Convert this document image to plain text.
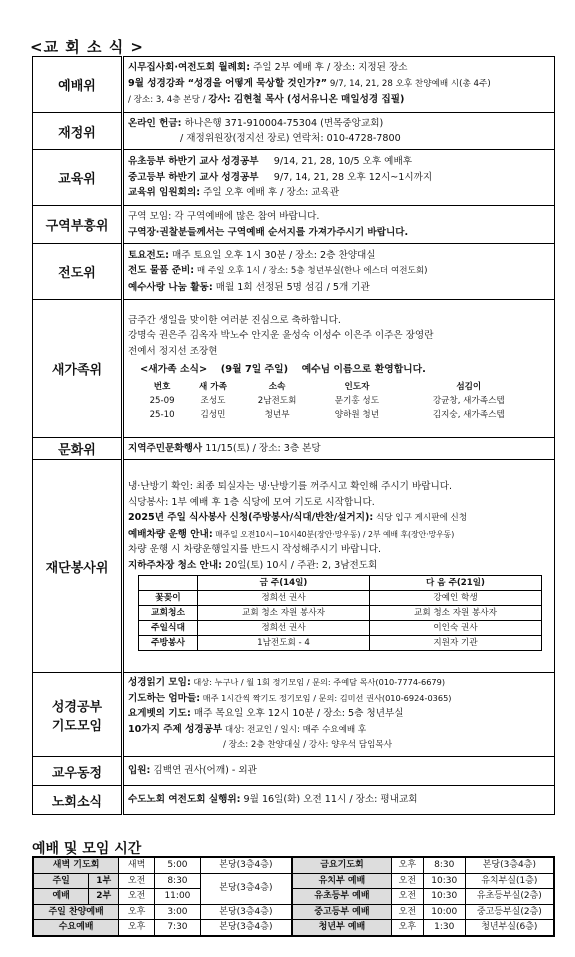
<교 회 소 식 >
예배위	
시무집사회·여전도회 월례회: 주일 2부 예배 후 / 장소: 지정된 장소
9월 성경강좌 “성경을 어떻게 묵상할 것인가?” 9/7, 14, 21, 28 오후 찬양예배 시(총 4주)
/ 장소: 3, 4층 본당 / 강사: 김현철 목사 (성서유니온 매일성경 집필)

재정위	
온라인 헌금: 하나은행 371-910004-75304 (면목중앙교회)
/ 재정위원장(정지선 장로) 연락처: 010-4728-7800

교육위	
유초등부 하반기 교사 성경공부     9/14, 21, 28, 10/5 오후 예배후
중고등부 하반기 교사 성경공부     9/7, 14, 21, 28 오후 12시~1시까지
교육위 임원회의: 주일 오후 예배 후 / 장소: 교육관

구역부흥위	
구역 모임: 각 구역예배에 많은 참여 바랍니다.
구역장·권찰분들께서는 구역예배 순서지를 가져가주시기 바랍니다.

전도위	
토요전도: 매주 토요일 오후 1시 30분 / 장소: 2층 찬양대실
전도 물품 준비: 매 주일 오후 1시 / 장소: 5층 청년부실(한나 에스더 여전도회)
예수사랑 나눔 활동: 매월 1회 선정된 5명 섬김 / 5개 기관

새가족위	
금주간 생일을 맞이한 여러분 진심으로 축하합니다.
강명숙 권은주 김옥자 박노수 안지운 윤성숙 이성수 이은주 이주은 장영란
전예서 정지선 조장현
<새가족 소식>    (9월 7일 주일)    예수님 이름으로 환영합니다.
번호	새 가족	소속	인도자	섬김이
25-09	조성도	2남전도회	문기홍 성도	강균창, 새가족스텝
25-10	김성민	청년부	양하원 청년	김지숭, 새가족스텝

문화위	지역주민문화행사 11/15(토) / 장소: 3층 본당

재단봉사위	
냉·난방기 확인: 최종 퇴실자는 냉·난방기를 꺼주시고 확인해 주시기 바랍니다.
식당봉사: 1부 예배 후 1층 식당에 모여 기도로 시작합니다.
2025년 주일 식사봉사 신청(주방봉사/식대/반찬/설거지): 식당 입구 게시판에 신청
예배차량 운행 안내: 매주일 오전10시~10시40분(장안·망우동) / 2부 예배 후(장안·망우동)
차량 운행 시 차량운행일지를 반드시 작성해주시기 바랍니다.
지하주차장 청소 안내: 20일(토) 10시 / 주관: 2, 3남전도회
	금 주(14일)	다 음 주(21일)
꽃꽂이	정희선 권사	강예인 학생
교회청소	교회 청소 자원 봉사자	교회 청소 자원 봉사자
주일식대	정희선 권사	이인숙 권사
주방봉사	1남전도회 - 4	지원자 기관

성경공부
기도모임

성경읽기 모임: 대상: 누구나 / 월 1회 정기모임 / 문의: 주예담 목사(010-7774-6679)
기도하는 엄마들: 매주 1시간씩 짝기도 정기모임 / 문의: 김미선 권사(010-6924-0365)
요게벳의 기도: 매주 목요일 오후 12시 10분 / 장소: 5층 청년부실
10가지 주제 성경공부 대상: 전교인 / 일시: 매주 수요예배 후
/ 장소: 2층 찬양대실 / 강사: 양우석 담임목사

교우동정	입원: 김백연 권사(어깨) - 외관

노회소식	수도노회 여전도회 실행위: 9월 16일(화) 오전 11시 / 장소: 평내교회
예배 및 모임 시간
새벽 기도회		새벽	5:00	본당(3층4층)	금요기도회	오후	8:30	본당(3층4층)
주일	1부	오전	8:30	본당(3층4층)	유치부 예배	오전	10:30	유치부실(1층)
예배	2부	오전	11:00		유초등부 예배	오전	10:30	유초등부실(2층)
주일 찬양예배		오후	3:00	본당(3층4층)	중고등부 예배	오전	10:00	중고등부실(2층)
수요예배		오후	7:30	본당(3층4층)	청년부 예배	오후	1:30	청년부실(6층)
